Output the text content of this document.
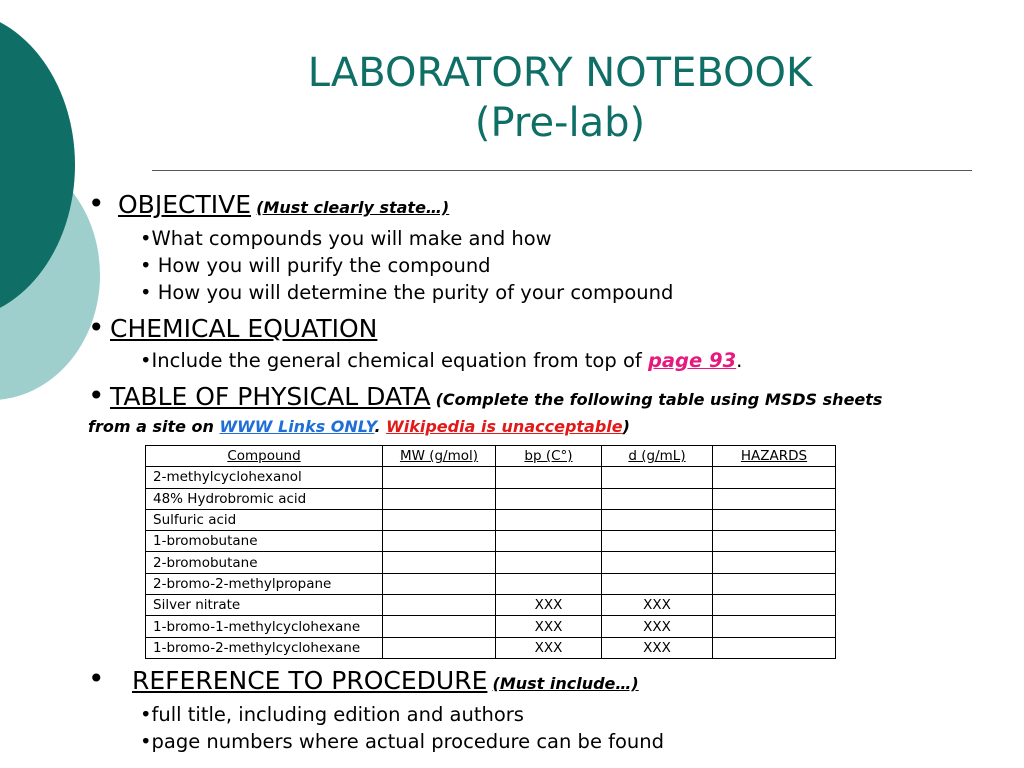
LABORATORY NOTEBOOK
(Pre-lab)
• OBJECTIVE (Must clearly state…)
•What compounds you will make and how
• How you will purify the compound
• How you will determine the purity of your compound
• CHEMICAL EQUATION
•Include the general chemical equation from top of page 93.
• TABLE OF PHYSICAL DATA (Complete the following table using MSDS sheets
from a site on WWW Links ONLY. Wikipedia is unacceptable)
Compound	MW (g/mol)	bp (C°)	d (g/mL)	HAZARDS
2-methylcyclohexanol				
48% Hydrobromic acid				
Sulfuric acid				
1-bromobutane				
2-bromobutane				
2-bromo-2-methylpropane				
Silver nitrate		XXX	XXX	
1-bromo-1-methylcyclohexane		XXX	XXX	
1-bromo-2-methylcyclohexane		XXX	XXX	
• REFERENCE TO PROCEDURE (Must include…)
•full title, including edition and authors
•page numbers where actual procedure can be found
